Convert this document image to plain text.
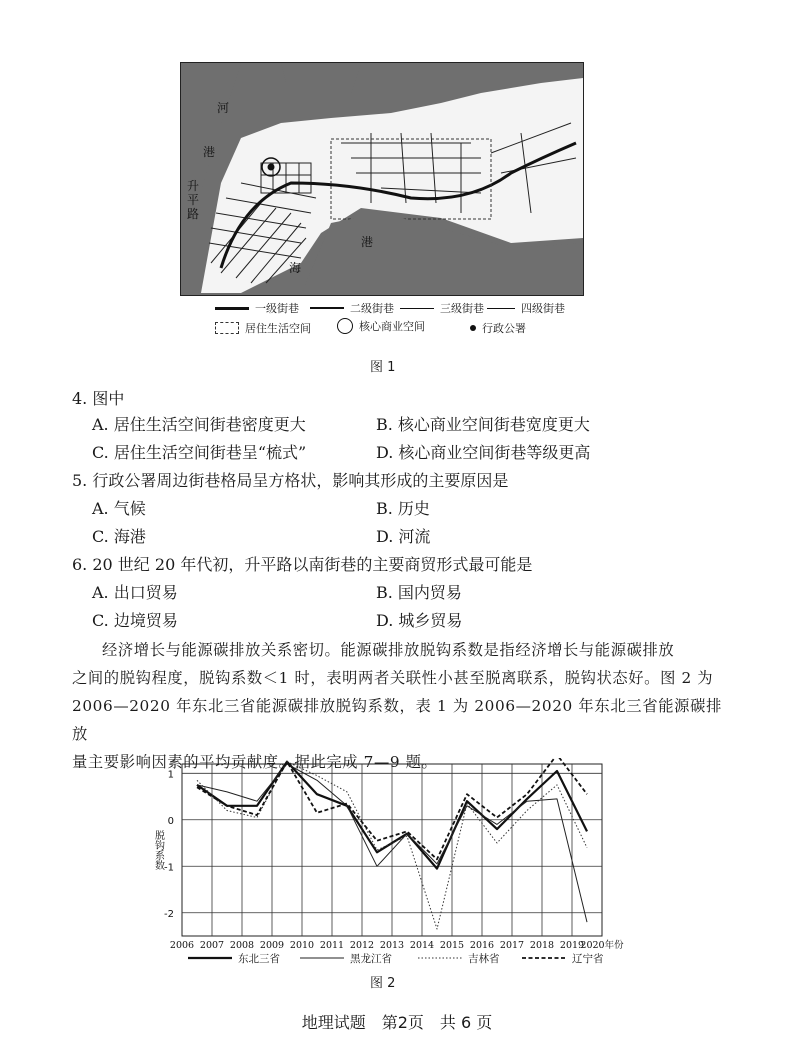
河
港
升
平
路
港
海
一级街巷	二级街巷	三级街巷	四级街巷
居住生活空间	核心商业空间	行政公署
图 1
4. 图中
A. 居住生活空间街巷密度更大	B. 核心商业空间街巷宽度更大
C. 居住生活空间街巷呈“梳式”	D. 核心商业空间街巷等级更高
5. 行政公署周边街巷格局呈方格状，影响其形成的主要原因是
A. 气候	B. 历史
C. 海港	D. 河流
6. 20 世纪 20 年代初，升平路以南街巷的主要商贸形式最可能是
A. 出口贸易	B. 国内贸易
C. 边境贸易	D. 城乡贸易

经济增长与能源碳排放关系密切。能源碳排放脱钩系数是指经济增长与能源碳排放

之间的脱钩程度，脱钩系数＜1 时，表明两者关联性小甚至脱离联系，脱钩状态好。图 2 为

2006—2020 年东北三省能源碳排放脱钩系数，表 1 为 2006—2020 年东北三省能源碳排放

量主要影响因素的平均贡献度。据此完成 7—9 题。

1
0
-1
-2
2006 2007 2008 2009 2010 2011 2012 2013 2014 2015 2016 2017 2018 2019
2020年份
脱钩系数
东北三省	黑龙江省	吉林省	辽宁省
图 2
地理试题　第2页　共 6 页
